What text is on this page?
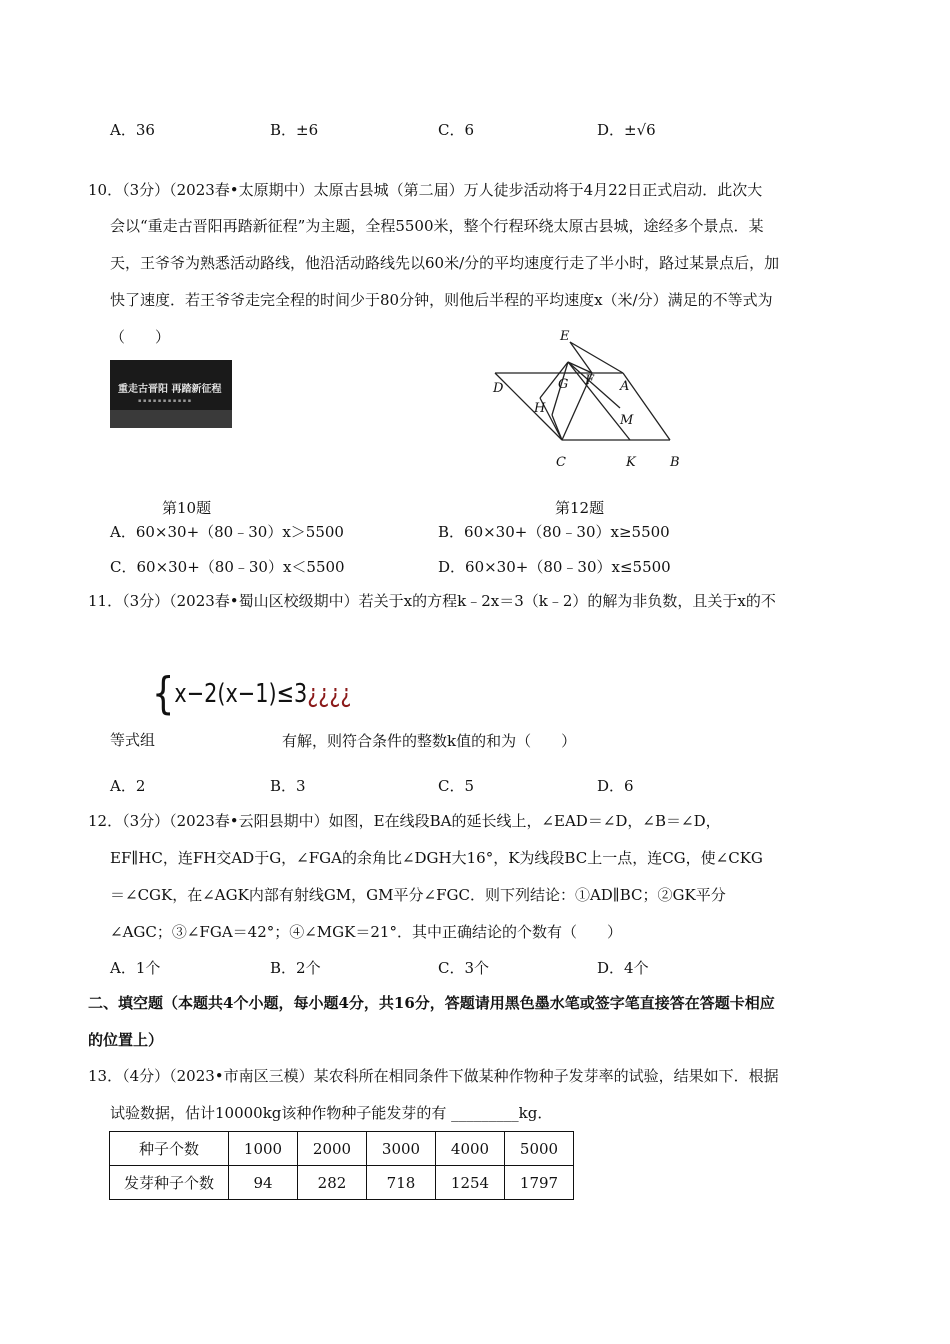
A．36	B．±6	C．6	D．±√6
10．（3分）（2023春•太原期中）太原古县城（第二届）万人徒步活动将于4月22日正式启动．此次大
会以“重走古晋阳再踏新征程”为主题，全程5500米，整个行程环绕太原古县城，途经多个景点．某
天，王爷爷为熟悉活动路线，他沿活动路线先以60米/分的平均速度行走了半小时，路过某景点后，加
快了速度．若王爷爷走完全程的时间少于80分钟，则他后半程的平均速度x（米/分）满足的不等式为
（　　）
重走古晋阳 再踏新征程
▪ ▪ ▪ ▪ ▪ ▪ ▪ ▪ ▪ ▪ ▪
第10题
E
D	G F A
H
M
C	K	B
第12题
A．60×30+（80﹣30）x＞5500	B．60×30+（80﹣30）x≥5500
C．60×30+（80﹣30）x＜5500	D．60×30+（80﹣30）x≤5500
11．（3分）（2023春•蜀山区校级期中）若关于x的方程k﹣2x＝3（k﹣2）的解为非负数，且关于x的不
{x−2(x−1)≤3¿¿¿¿
等式组	有解，则符合条件的整数k值的和为（　　）
A．2	B．3	C．5	D．6
12．（3分）（2023春•云阳县期中）如图，E在线段BA的延长线上，∠EAD＝∠D，∠B＝∠D，
EF∥HC，连FH交AD于G，∠FGA的余角比∠DGH大16°，K为线段BC上一点，连CG，使∠CKG
＝∠CGK，在∠AGK内部有射线GM，GM平分∠FGC．则下列结论：①AD∥BC；②GK平分
∠AGC；③∠FGA＝42°；④∠MGK＝21°．其中正确结论的个数有（　　）
A．1个	B．2个	C．3个	D．4个
二、填空题（本题共4个小题，每小题4分，共16分，答题请用黑色墨水笔或签字笔直接答在答题卡相应
的位置上）
13．（4分）（2023•市南区三模）某农科所在相同条件下做某种作物种子发芽率的试验，结果如下．根据
试验数据，估计10000kg该种作物种子能发芽的有 _________kg．
种子个数	1000	2000	3000	4000	5000
发芽种子个数	94	282	718	1254	1797
